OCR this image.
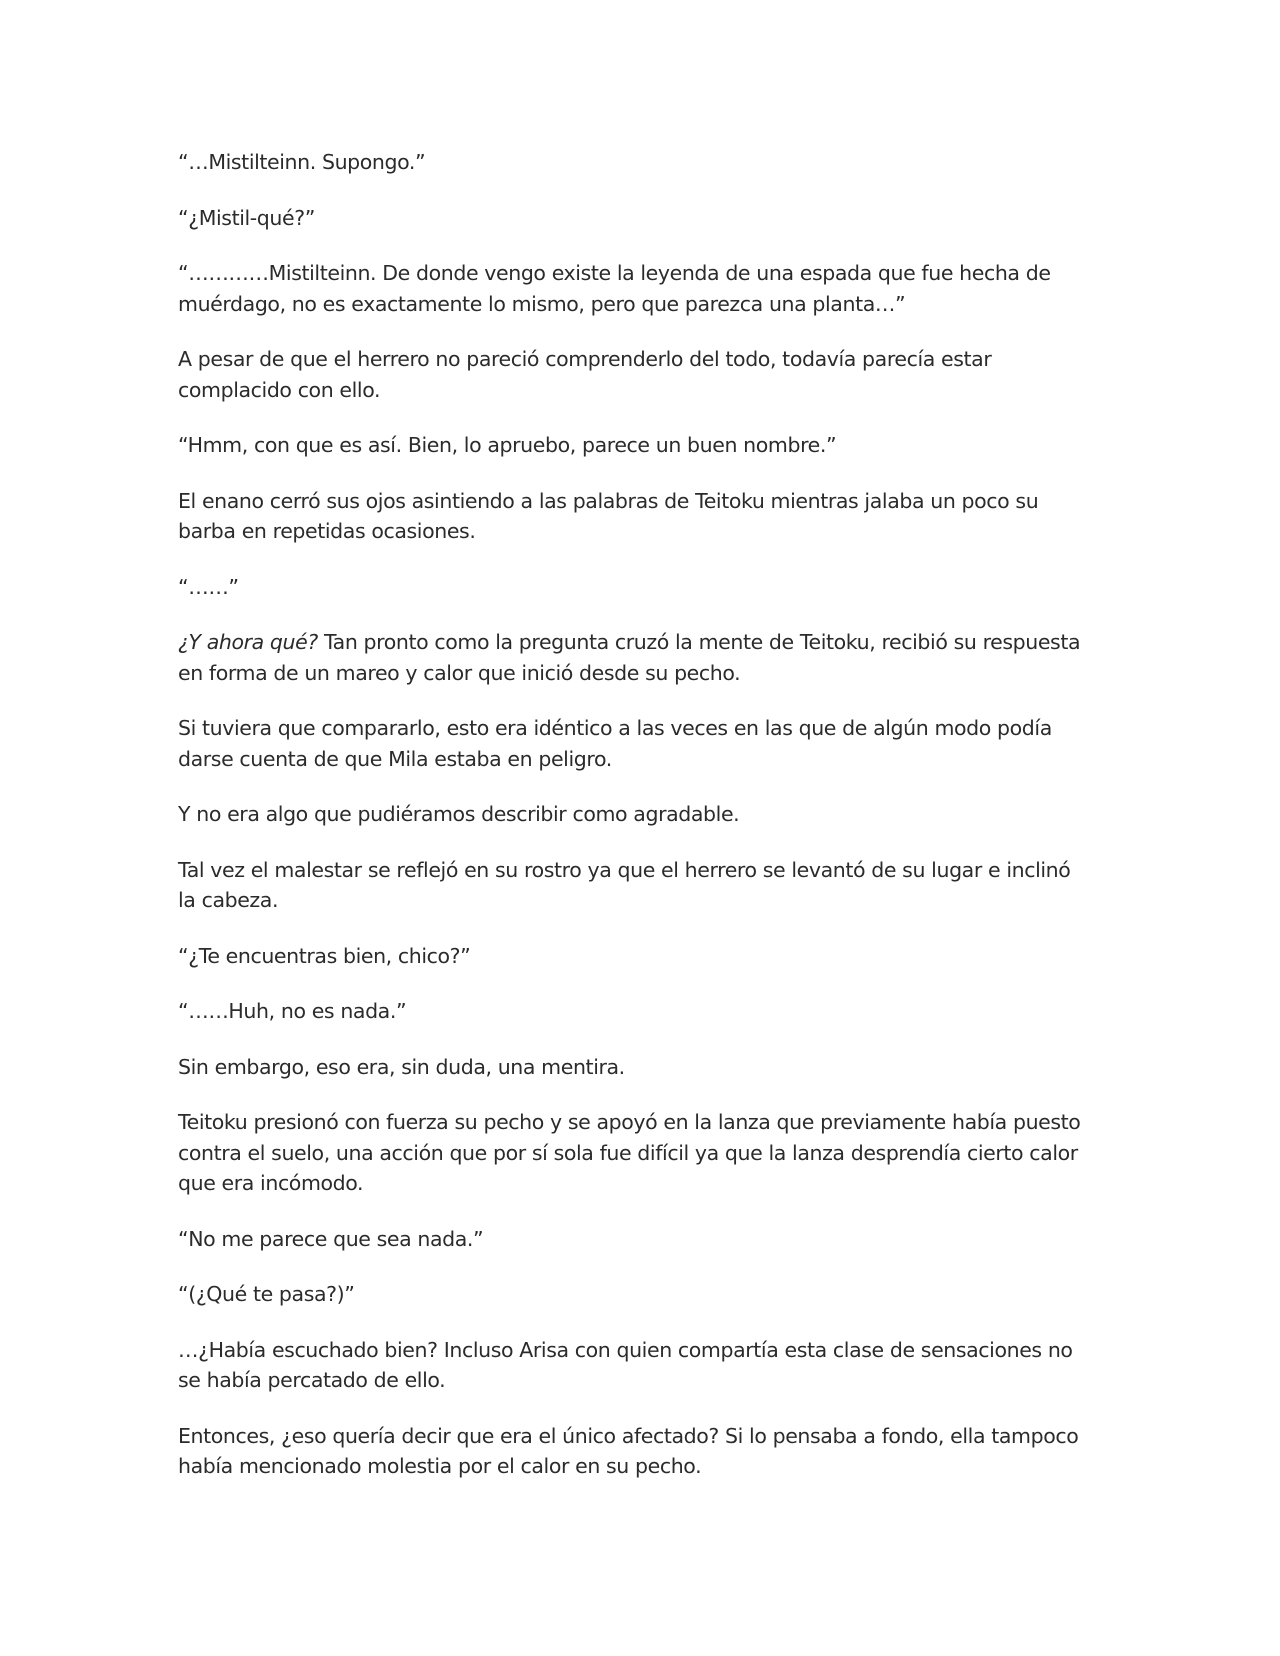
“…Mistilteinn. Supongo.”

“¿Mistil-qué?”

“…………Mistilteinn. De donde vengo existe la leyenda de una espada que fue hecha de muérdago, no es exactamente lo mismo, pero que parezca una planta…”

A pesar de que el herrero no pareció comprenderlo del todo, todavía parecía estar complacido con ello.

“Hmm, con que es así. Bien, lo apruebo, parece un buen nombre.”

El enano cerró sus ojos asintiendo a las palabras de Teitoku mientras jalaba un poco su barba en repetidas ocasiones.

“……”

¿Y ahora qué? Tan pronto como la pregunta cruzó la mente de Teitoku, recibió su respuesta en forma de un mareo y calor que inició desde su pecho.

Si tuviera que compararlo, esto era idéntico a las veces en las que de algún modo podía darse cuenta de que Mila estaba en peligro.

Y no era algo que pudiéramos describir como agradable.

Tal vez el malestar se reflejó en su rostro ya que el herrero se levantó de su lugar e inclinó la cabeza.

“¿Te encuentras bien, chico?”

“……Huh, no es nada.”

Sin embargo, eso era, sin duda, una mentira.

Teitoku presionó con fuerza su pecho y se apoyó en la lanza que previamente había puesto contra el suelo, una acción que por sí sola fue difícil ya que la lanza desprendía cierto calor que era incómodo.

“No me parece que sea nada.”

“(¿Qué te pasa?)”

…¿Había escuchado bien? Incluso Arisa con quien compartía esta clase de sensaciones no se había percatado de ello.

Entonces, ¿eso quería decir que era el único afectado? Si lo pensaba a fondo, ella tampoco había mencionado molestia por el calor en su pecho.
